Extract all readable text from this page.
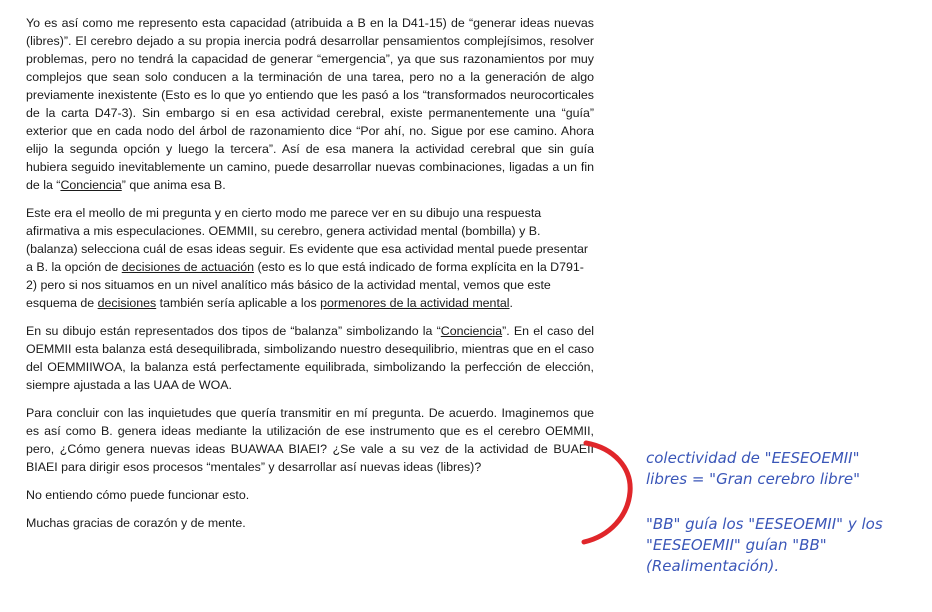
Yo es así como me represento esta capacidad (atribuida a B en la D41-15) de “generar ideas nuevas (libres)”. El cerebro dejado a su propia inercia podrá desarrollar pensamientos complejísimos, resolver problemas, pero no tendrá la capacidad de generar “emergencia”, ya que sus razonamientos por muy complejos que sean solo conducen a la terminación de una tarea, pero no a la generación de algo previamente inexistente (Esto es lo que yo entiendo que les pasó a los “transformados neurocorticales de la carta D47-3). Sin embargo si en esa actividad cerebral, existe permanentemente una “guía” exterior que en cada nodo del árbol de razonamiento dice “Por ahí, no. Sigue por ese camino. Ahora elijo la segunda opción y luego la tercera”. Así de esa manera la actividad cerebral que sin guía hubiera seguido inevitablemente un camino, puede desarrollar nuevas combinaciones, ligadas a un fin de la “Conciencia” que anima esa B.

Este era el meollo de mi pregunta y en cierto modo me parece ver en su dibujo una respuesta afirmativa a mis especulaciones. OEMMII, su cerebro, genera actividad mental (bombilla) y B. (balanza) selecciona cuál de esas ideas seguir. Es evidente que esa actividad mental puede presentar a B. la opción de decisiones de actuación (esto es lo que está indicado de forma explícita en la D791-2) pero si nos situamos en un nivel analítico más básico de la actividad mental, vemos que este esquema de decisiones también sería aplicable a los pormenores de la actividad mental.

En su dibujo están representados dos tipos de “balanza” simbolizando la “Conciencia”. En el caso del OEMMII esta balanza está desequilibrada, simbolizando nuestro desequilibrio, mientras que en el caso del OEMMIIWOA, la balanza está perfectamente equilibrada, simbolizando la perfección de elección, siempre ajustada a las UAA de WOA.

Para concluir con las inquietudes que quería transmitir en mí pregunta. De acuerdo. Imaginemos que es así como B. genera ideas mediante la utilización de ese instrumento que es el cerebro OEMMII, pero, ¿Cómo genera nuevas ideas BUAWAA BIAEI? ¿Se vale a su vez de la actividad de BUAEII BIAEI para dirigir esos procesos “mentales” y desarrollar así nuevas ideas (libres)?

No entiendo cómo puede funcionar esto.

Muchas gracias de corazón y de mente.

colectividad de "EESEOEMII"
libres = "Gran cerebro libre"
"BB" guía los "EESEOEMII" y los
"EESEOEMII" guían "BB"
(Realimentación).
